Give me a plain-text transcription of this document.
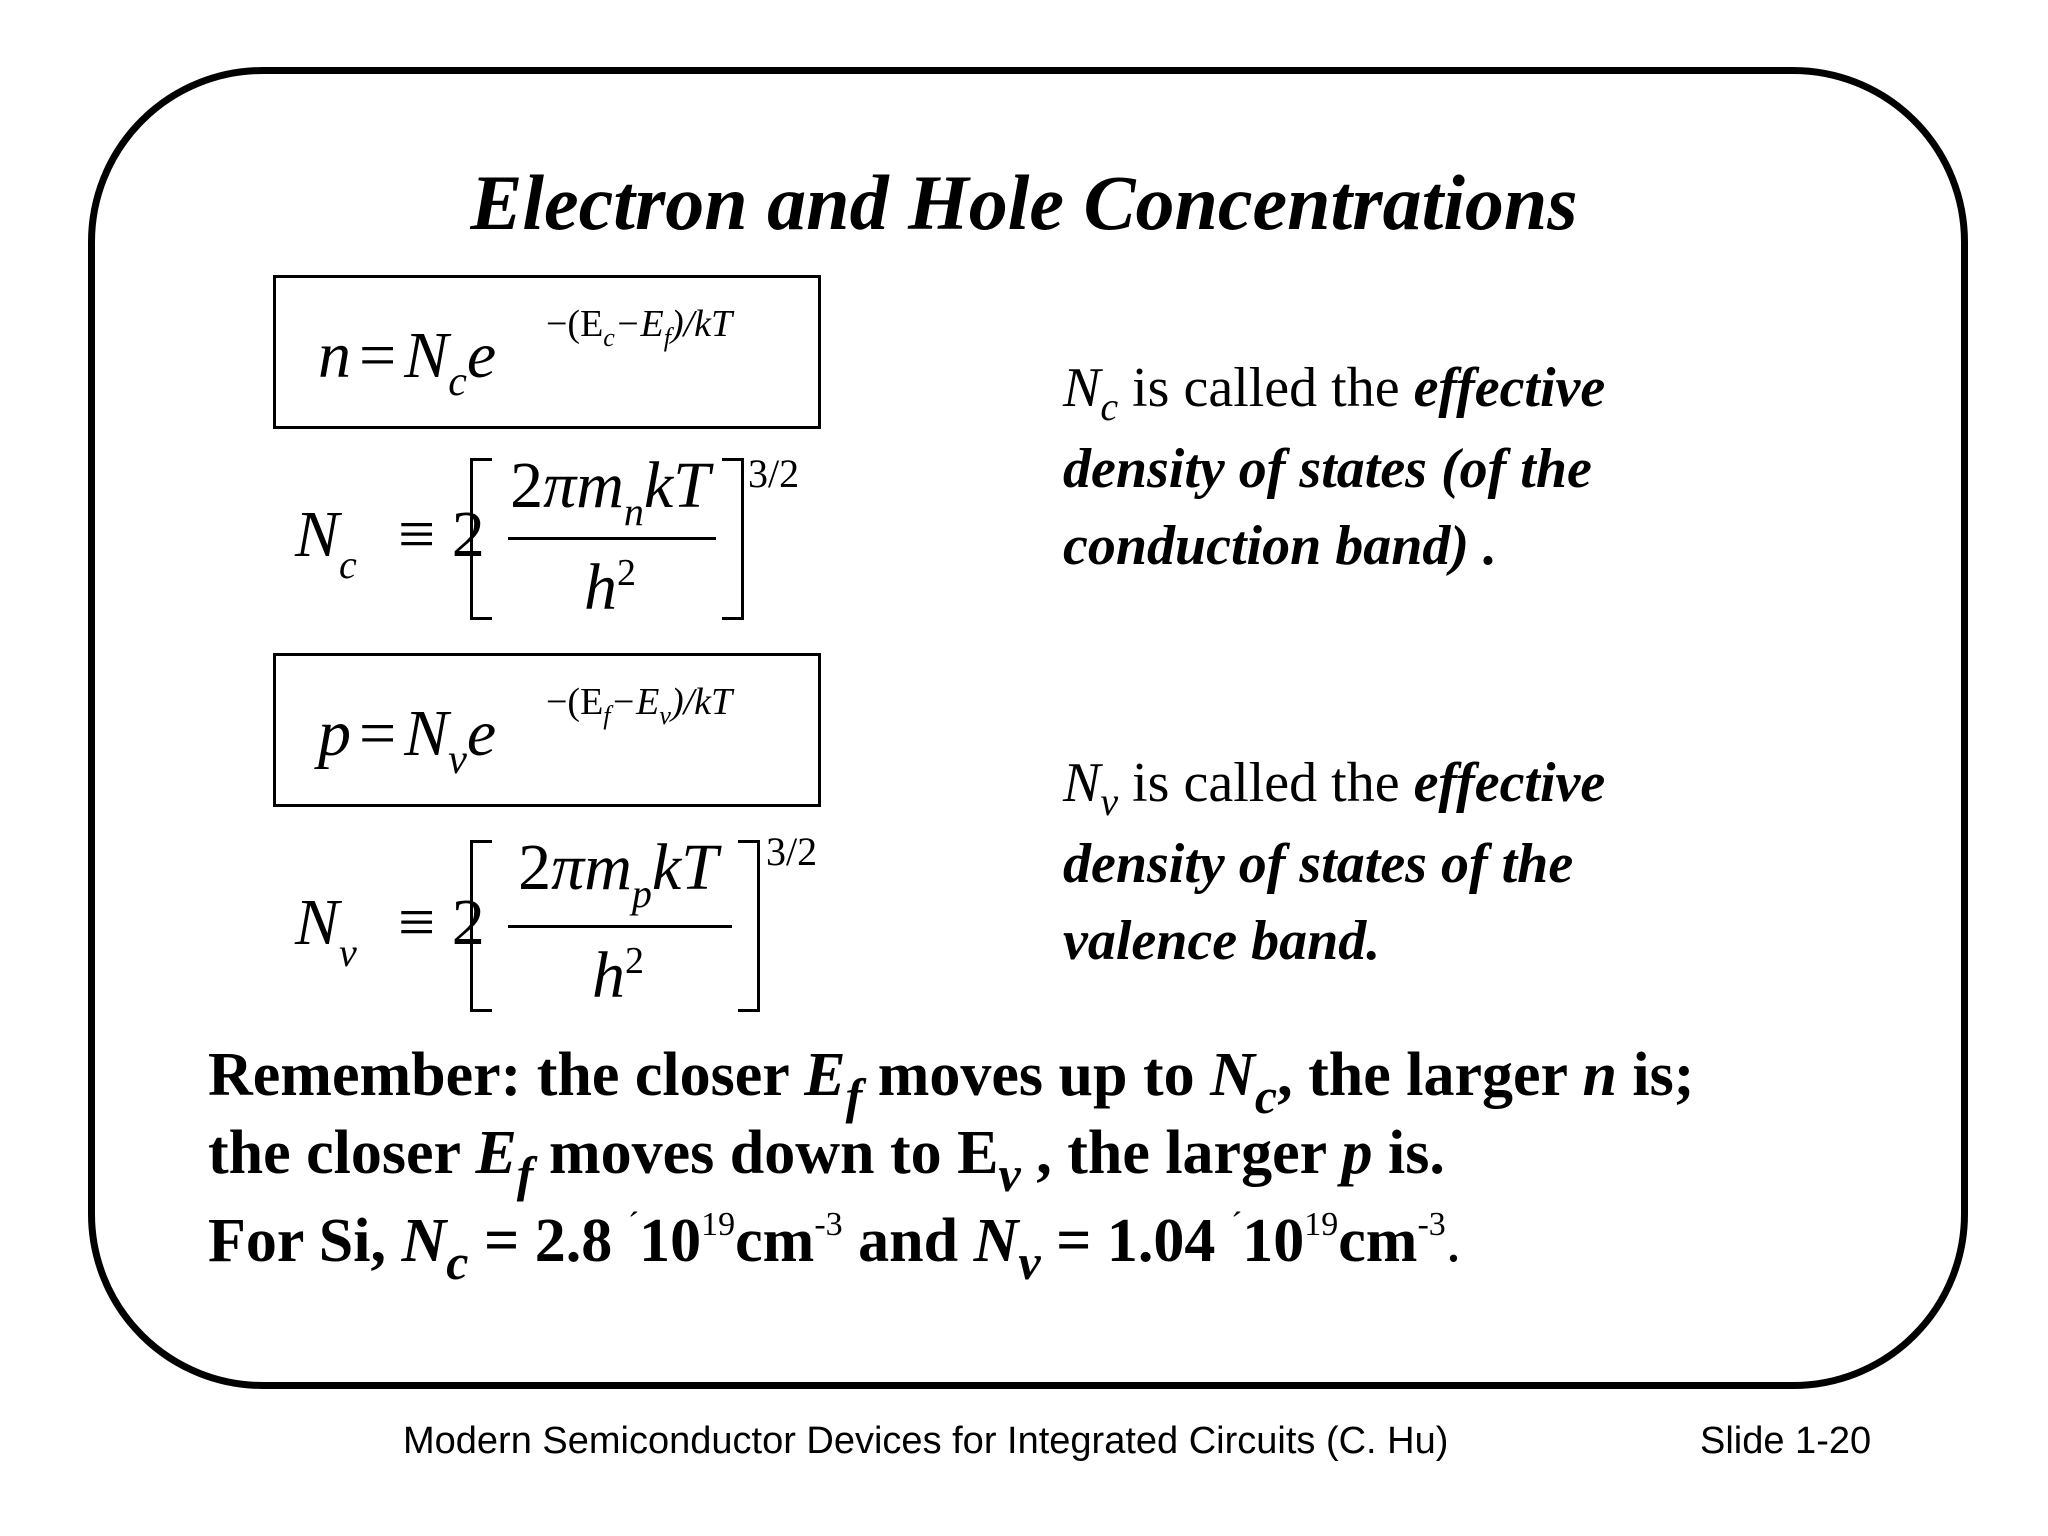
Electron and Hole Concentrations
$n = N_ce -(E_c-E_f)/kT$
$N_c \equiv 2$
$2\pi m_nkT$
$h^2$
3/2
$p = N_ve -(E_f-E_v)/kT$
$N_v \equiv 2$
$2\pi m_pkT$
$h^2$
3/2
$N_c$ is called the effective
density of states (of the
conduction band) .
$N_v$ is called the effective
density of states of the
valence band.
Remember: the closer $E_f$ moves up to $N_c$, the larger n is;
the closer $E_f$ moves down to $E_v$ , the larger p is.
For Si, $N_c = 2.8$ $^´10^{19}cm^{-3}$ and $N_v = 1.04$ $^´10^{19}cm^{-3}$.
Modern Semiconductor Devices for Integrated Circuits (C. Hu)	Slide 1-20
